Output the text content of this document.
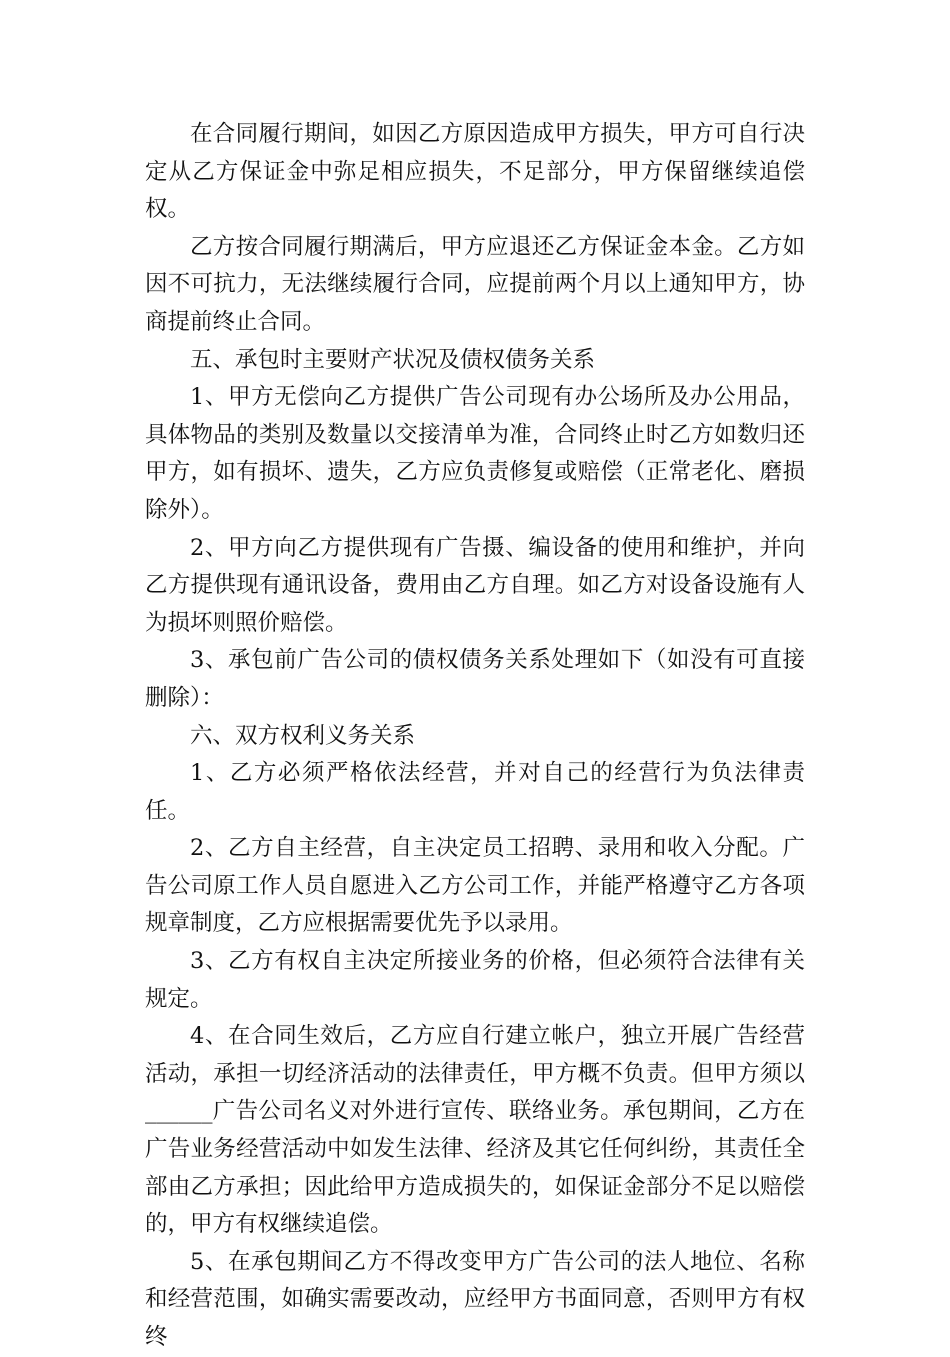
在合同履行期间，如因乙方原因造成甲方损失，甲方可自行决定从乙方保证金中弥足相应损失，不足部分，甲方保留继续追偿权。

乙方按合同履行期满后，甲方应退还乙方保证金本金。乙方如因不可抗力，无法继续履行合同，应提前两个月以上通知甲方，协商提前终止合同。

五、承包时主要财产状况及债权债务关系

1、甲方无偿向乙方提供广告公司现有办公场所及办公用品，具体物品的类别及数量以交接清单为准，合同终止时乙方如数归还甲方，如有损坏、遗失，乙方应负责修复或赔偿（正常老化、磨损除外）。

2、甲方向乙方提供现有广告摄、编设备的使用和维护，并向乙方提供现有通讯设备，费用由乙方自理。如乙方对设备设施有人为损坏则照价赔偿。

3、承包前广告公司的债权债务关系处理如下（如没有可直接删除）：

六、双方权利义务关系

1、乙方必须严格依法经营，并对自己的经营行为负法律责任。

2、乙方自主经营，自主决定员工招聘、录用和收入分配。广告公司原工作人员自愿进入乙方公司工作，并能严格遵守乙方各项规章制度，乙方应根据需要优先予以录用。

3、乙方有权自主决定所接业务的价格，但必须符合法律有关规定。

4、在合同生效后，乙方应自行建立帐户，独立开展广告经营活动，承担一切经济活动的法律责任，甲方概不负责。但甲方须以______广告公司名义对外进行宣传、联络业务。承包期间，乙方在广告业务经营活动中如发生法律、经济及其它任何纠纷，其责任全部由乙方承担；因此给甲方造成损失的，如保证金部分不足以赔偿的，甲方有权继续追偿。

5、在承包期间乙方不得改变甲方广告公司的法人地位、名称和经营范围，如确实需要改动，应经甲方书面同意，否则甲方有权终
